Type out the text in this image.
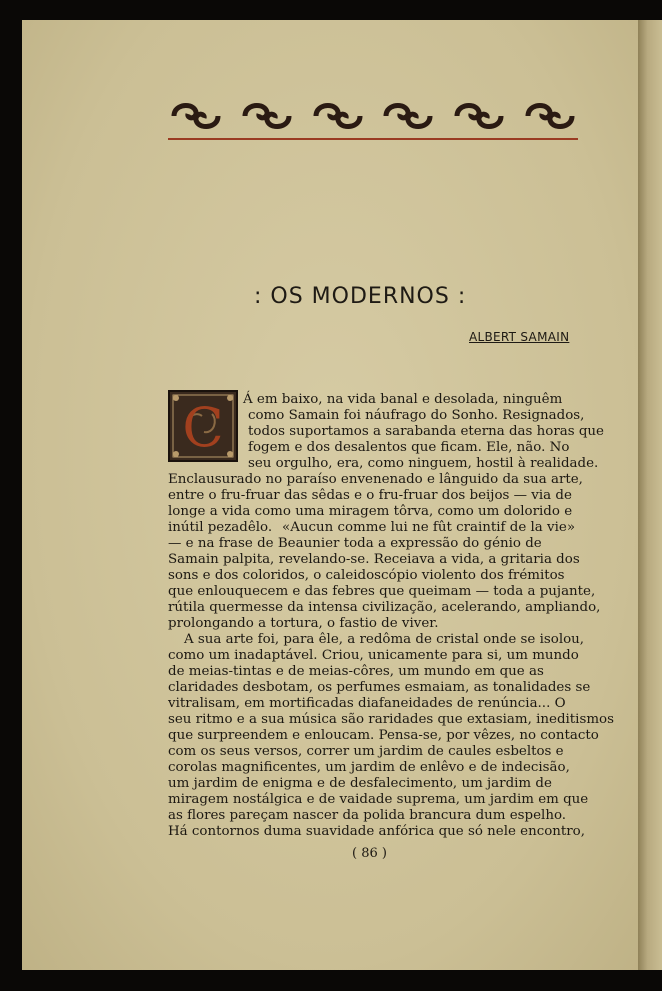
: OS MODERNOS :
ALBERT SAMAIN
C Á em baixo, na vida banal e desolada, ninguêm
como Samain foi náufrago do Sonho. Resignados,
todos suportamos a sarabanda eterna das horas que
fogem e dos desalentos que ficam. Ele, não. No
seu orgulho, era, como ninguem, hostil à realidade.
Enclausurado no paraíso envenenado e lânguido da sua arte,
entre o fru-fruar das sêdas e o fru-fruar dos beijos — via de
longe a vida como uma miragem tôrva, como um dolorido e
inútil pezadêlo.
— e na frase de Beaunier toda a expressão do génio de
Samain palpita, revelando-se. Receiava a vida, a gritaria dos
sons e dos coloridos, o caleidoscópio violento dos frémitos
que enlouquecem e das febres que queimam — toda a pujante,
rútila quermesse da intensa civilização, acelerando, ampliando,
prolongando a tortura, o fastio de viver.
A sua arte foi, para êle, a redôma de cristal onde se isolou,
como um inadaptável. Criou, unicamente para si, um mundo
de meias-tintas e de meias-côres, um mundo em que as
claridades desbotam, os perfumes esmaiam, as tonalidades se
vitralisam, em mortificadas diafaneidades de renúncia... O
seu ritmo e a sua música são raridades que extasiam, ineditismos
que surpreendem e enloucam. Pensa-se, por vêzes, no contacto
com os seus versos, correr um jardim de caules esbeltos e
corolas magnificentes, um jardim de enlêvo e de indecisão,
um jardim de enigma e de desfalecimento, um jardim de
miragem nostálgica e de vaidade suprema, um jardim em que
as flores pareçam nascer da polida brancura dum espelho.
Há contornos duma suavidade anfórica que só nele encontro,
«Aucun comme lui ne fût craintif de la vie»
( 86 )
